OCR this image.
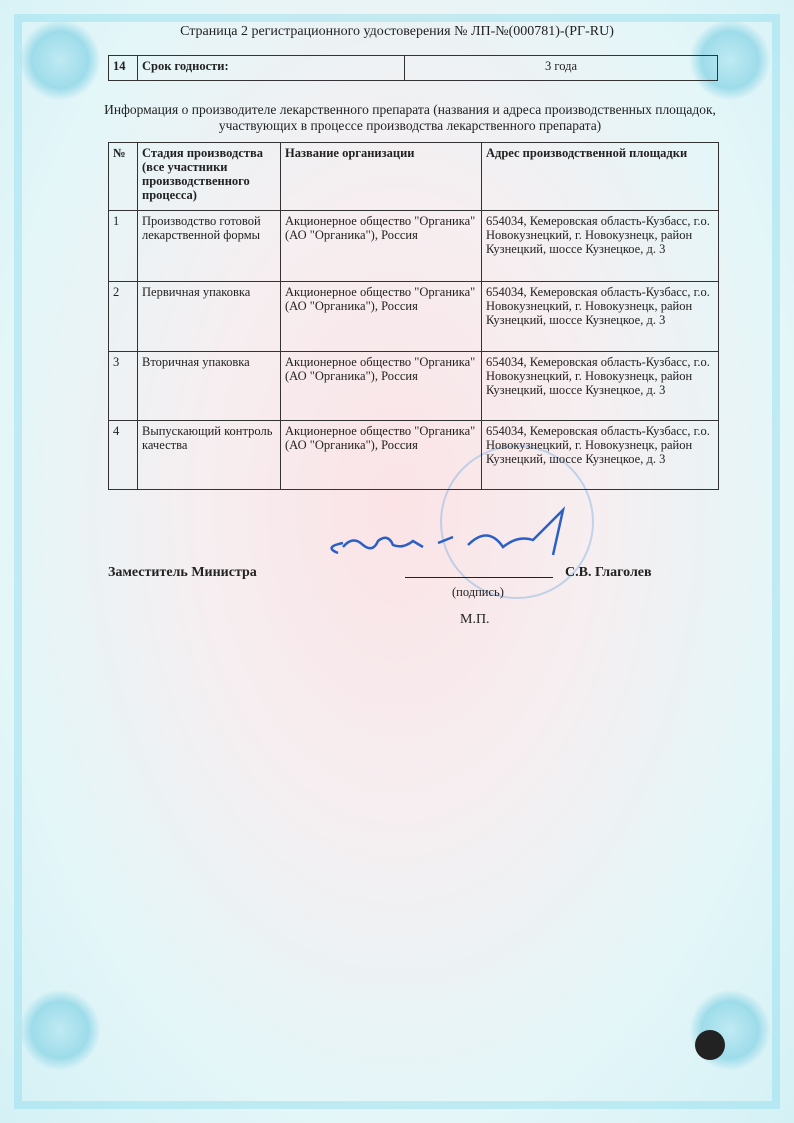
Страница 2 регистрационного удостоверения № ЛП-№(000781)-(РГ-RU)
14	Срок годности:	3 года
Информация о производителе лекарственного препарата (названия и адреса производственных площадок, участвующих в процессе производства лекарственного препарата)
№	Стадия производства (все участники производственного процесса)	Название организации	Адрес производственной площадки
1	Производство готовой лекарственной формы	Акционерное общество "Органика" (АО "Органика"), Россия	654034, Кемеровская область-Кузбасс, г.о. Новокузнецкий, г. Новокузнецк, район Кузнецкий, шоссе Кузнецкое, д. 3
2	Первичная упаковка	Акционерное общество "Органика" (АО "Органика"), Россия	654034, Кемеровская область-Кузбасс, г.о. Новокузнецкий, г. Новокузнецк, район Кузнецкий, шоссе Кузнецкое, д. 3
3	Вторичная упаковка	Акционерное общество "Органика" (АО "Органика"), Россия	654034, Кемеровская область-Кузбасс, г.о. Новокузнецкий, г. Новокузнецк, район Кузнецкий, шоссе Кузнецкое, д. 3
4	Выпускающий контроль качества	Акционерное общество "Органика" (АО "Органика"), Россия	654034, Кемеровская область-Кузбасс, г.о. Новокузнецкий, г. Новокузнецк, район Кузнецкий, шоссе Кузнецкое, д. 3
Заместитель Министра	С.В. Глаголев
(подпись)
М.П.
